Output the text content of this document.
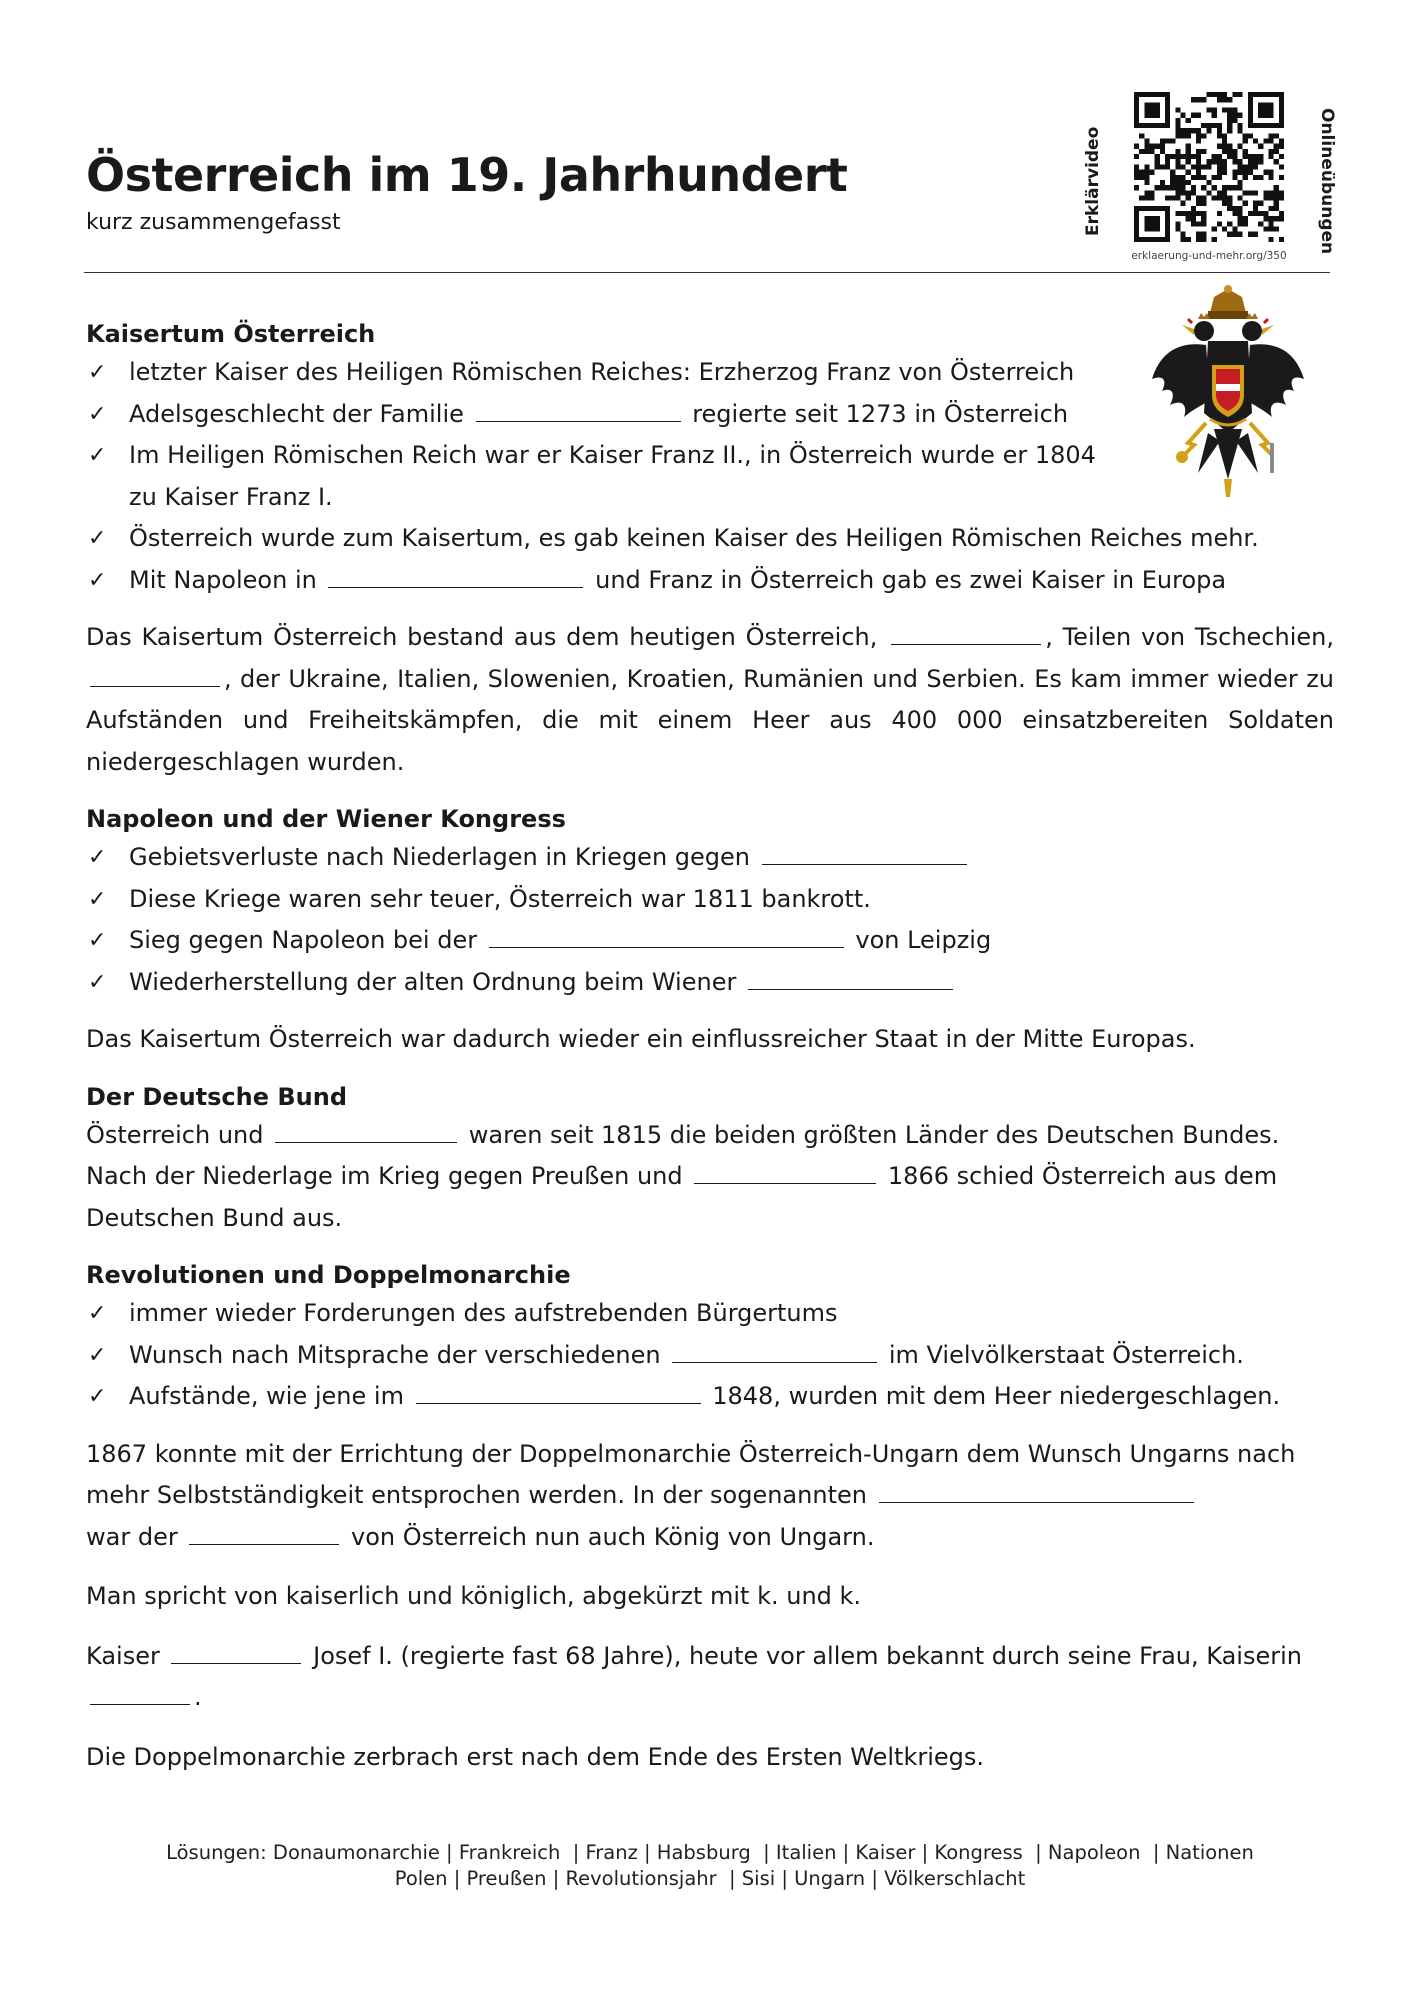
Österreich im 19. Jahrhundert

kurz zusammengefasst	Erklärvideo	Onlineübungen
erklaerung-und-mehr.org/350
Kaisertum Österreich
✓ letzter Kaiser des Heiligen Römischen Reiches: Erzherzog Franz von Österreich
✓ Adelsgeschlecht der Familie	regierte seit 1273 in Österreich
✓ Im Heiligen Römischen Reich war er Kaiser Franz II., in Österreich wurde er 1804
zu Kaiser Franz I.
✓ Österreich wurde zum Kaisertum, es gab keinen Kaiser des Heiligen Römischen Reiches mehr.
✓ Mit Napoleon in	und Franz in Österreich gab es zwei Kaiser in Europa

Das Kaisertum Österreich bestand aus dem heutigen Österreich,	, Teilen von Tschechien, , der Ukraine, Italien, Slowenien, Kroatien, Rumänien und Serbien. Es kam immer wieder zu Aufständen und Freiheitskämpfen, die mit einem Heer aus 400 000 einsatzbereiten Soldaten niedergeschlagen wurden.

Napoleon und der Wiener Kongress
✓ Gebietsverluste nach Niederlagen in Kriegen gegen
✓ Diese Kriege waren sehr teuer, Österreich war 1811 bankrott.
✓ Sieg gegen Napoleon bei der	von Leipzig
✓ Wiederherstellung der alten Ordnung beim Wiener

Das Kaisertum Österreich war dadurch wieder ein einflussreicher Staat in der Mitte Europas.

Der Deutsche Bund

Österreich und	waren seit 1815 die beiden größten Länder des Deutschen Bundes.
Nach der Niederlage im Krieg gegen Preußen und	1866 schied Österreich aus dem Deutschen Bund aus.

Revolutionen und Doppelmonarchie
✓ immer wieder Forderungen des aufstrebenden Bürgertums
✓ Wunsch nach Mitsprache der verschiedenen	im Vielvölkerstaat Österreich.
✓ Aufstände, wie jene im	1848, wurden mit dem Heer niedergeschlagen.

1867 konnte mit der Errichtung der Doppelmonarchie Österreich-Ungarn dem Wunsch Ungarns nach mehr Selbstständigkeit entsprochen werden. In der sogenannten
war der	von Österreich nun auch König von Ungarn.

Man spricht von kaiserlich und königlich, abgekürzt mit k. und k.

Kaiser	Josef I. (regierte fast 68 Jahre), heute vor allem bekannt durch seine Frau, Kaiserin .

Die Doppelmonarchie zerbrach erst nach dem Ende des Ersten Weltkriegs.

Lösungen: Donaumonarchie | Frankreich  | Franz | Habsburg  | Italien | Kaiser | Kongress  | Napoleon  | Nationen
Polen | Preußen | Revolutionsjahr  | Sisi | Ungarn | Völkerschlacht
